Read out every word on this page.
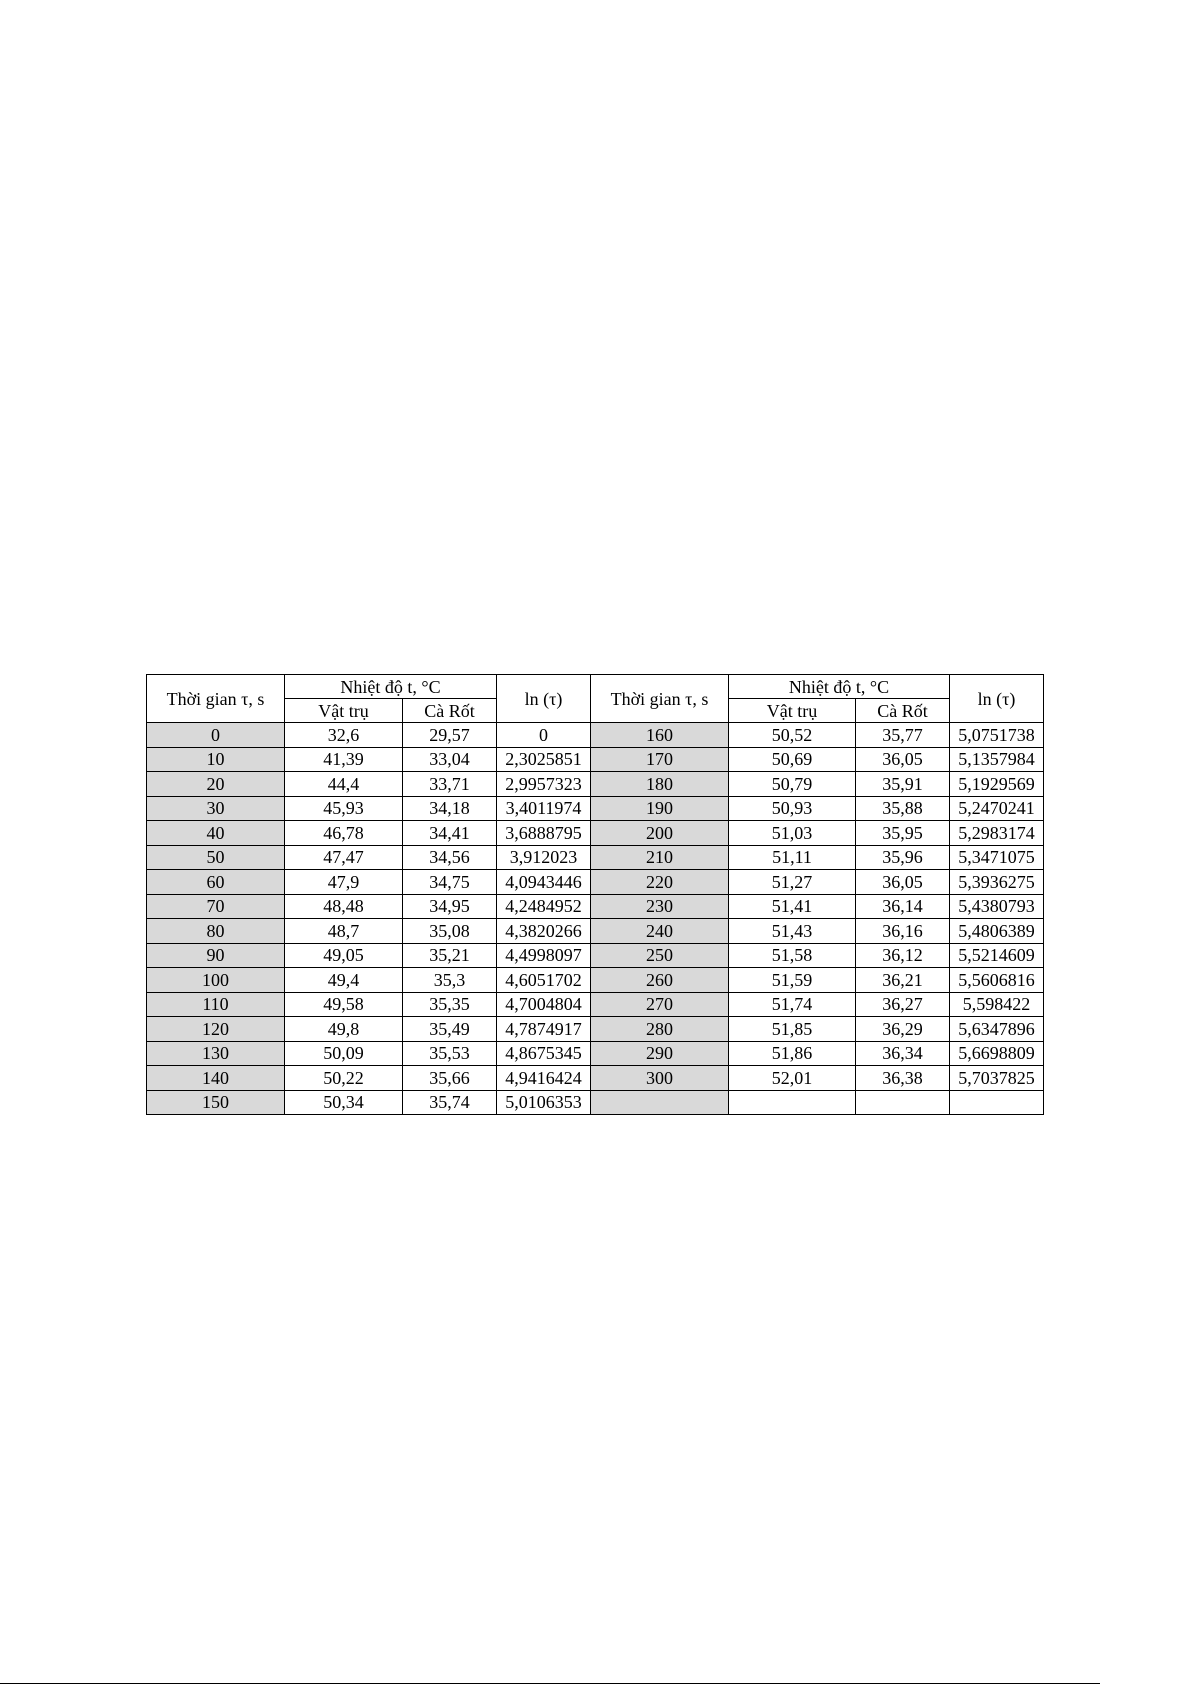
Thời gian τ, s	Nhiệt độ t, °C		ln (τ)	Thời gian τ, s	Nhiệt độ t, °C		ln (τ)
	Vật trụ	Cà Rốt			Vật trụ	Cà Rốt	
0	32,6	29,57	0	160	50,52	35,77	5,0751738
10	41,39	33,04	2,3025851	170	50,69	36,05	5,1357984
20	44,4	33,71	2,9957323	180	50,79	35,91	5,1929569
30	45,93	34,18	3,4011974	190	50,93	35,88	5,2470241
40	46,78	34,41	3,6888795	200	51,03	35,95	5,2983174
50	47,47	34,56	3,912023	210	51,11	35,96	5,3471075
60	47,9	34,75	4,0943446	220	51,27	36,05	5,3936275
70	48,48	34,95	4,2484952	230	51,41	36,14	5,4380793
80	48,7	35,08	4,3820266	240	51,43	36,16	5,4806389
90	49,05	35,21	4,4998097	250	51,58	36,12	5,5214609
100	49,4	35,3	4,6051702	260	51,59	36,21	5,5606816
110	49,58	35,35	4,7004804	270	51,74	36,27	5,598422
120	49,8	35,49	4,7874917	280	51,85	36,29	5,6347896
130	50,09	35,53	4,8675345	290	51,86	36,34	5,6698809
140	50,22	35,66	4,9416424	300	52,01	36,38	5,7037825
150	50,34	35,74	5,0106353				
